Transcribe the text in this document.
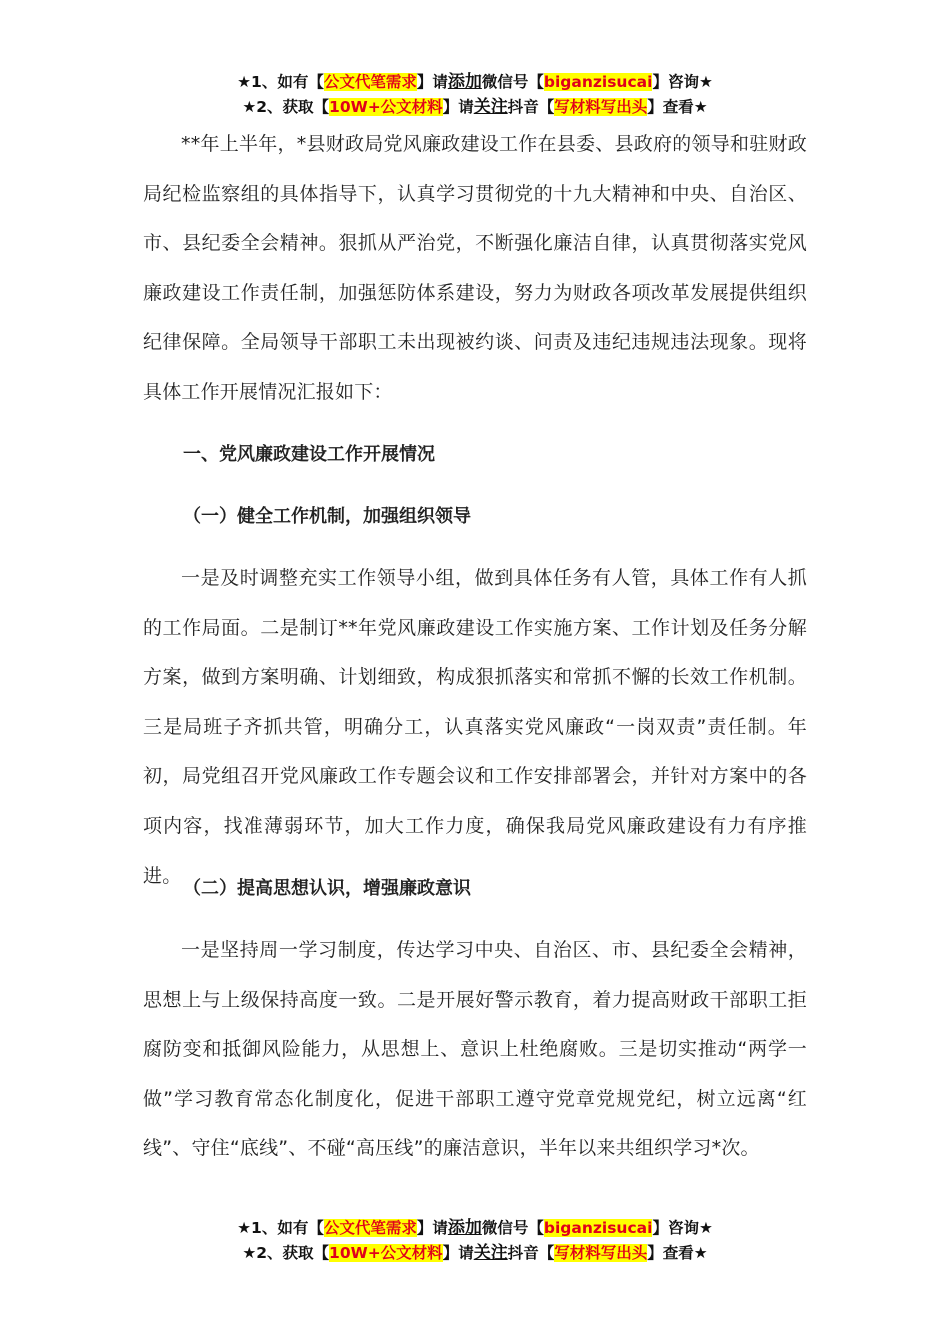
★1、如有【公文代笔需求】请添加微信号【biganzisucai】咨询★
★2、获取【10W+公文材料】请关注抖音【写材料写出头】查看★

**年上半年，*县财政局党风廉政建设工作在县委、县政府的领导和驻财政局纪检监察组的具体指导下，认真学习贯彻党的十九大精神和中央、自治区、市、县纪委全会精神。狠抓从严治党，不断强化廉洁自律，认真贯彻落实党风廉政建设工作责任制，加强惩防体系建设，努力为财政各项改革发展提供组织纪律保障。全局领导干部职工未出现被约谈、问责及违纪违规违法现象。现将具体工作开展情况汇报如下：

一、党风廉政建设工作开展情况
（一）健全工作机制，加强组织领导

一是及时调整充实工作领导小组，做到具体任务有人管，具体工作有人抓的工作局面。二是制订**年党风廉政建设工作实施方案、工作计划及任务分解方案，做到方案明确、计划细致，构成狠抓落实和常抓不懈的长效工作机制。三是局班子齐抓共管，明确分工，认真落实党风廉政“一岗双责”责任制。年初，局党组召开党风廉政工作专题会议和工作安排部署会，并针对方案中的各项内容，找准薄弱环节，加大工作力度，确保我局党风廉政建设有力有序推进。

（二）提高思想认识，增强廉政意识

一是坚持周一学习制度，传达学习中央、自治区、市、县纪委全会精神，思想上与上级保持高度一致。二是开展好警示教育，着力提高财政干部职工拒腐防变和抵御风险能力，从思想上、意识上杜绝腐败。三是切实推动“两学一做”学习教育常态化制度化，促进干部职工遵守党章党规党纪，树立远离“红线”、守住“底线”、不碰“高压线”的廉洁意识，半年以来共组织学习*次。

★1、如有【公文代笔需求】请添加微信号【biganzisucai】咨询★
★2、获取【10W+公文材料】请关注抖音【写材料写出头】查看★
